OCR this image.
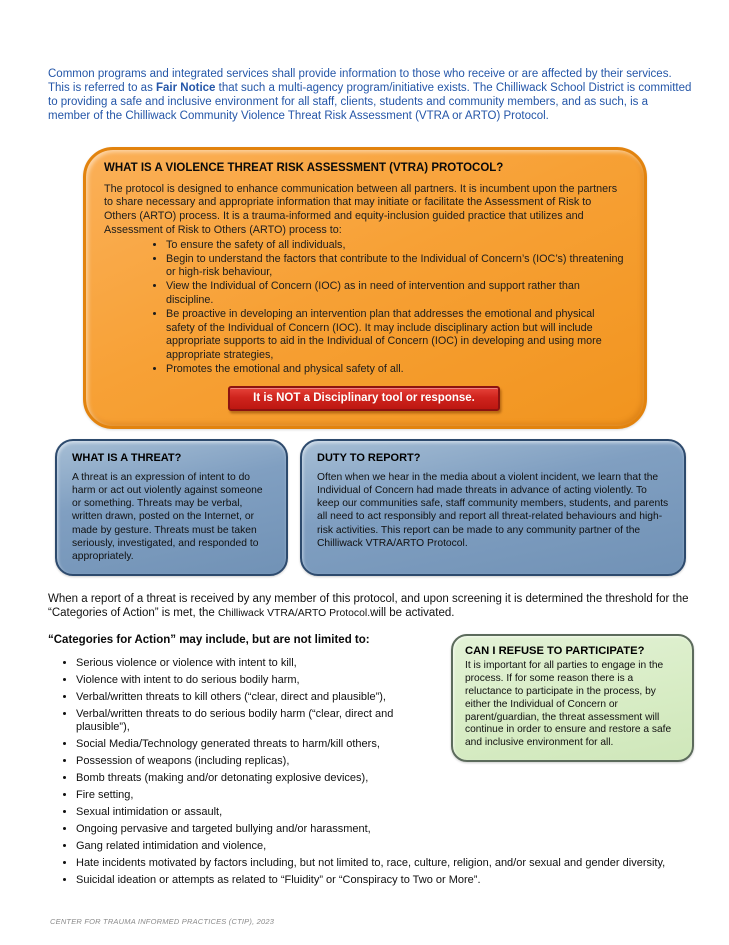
Common programs and integrated services shall provide information to those who receive or are affected by their services. This is referred to as Fair Notice that such a multi-agency program/initiative exists. The Chilliwack School District is committed to providing a safe and inclusive environment for all staff, clients, students and community members, and as such, is a member of the Chilliwack Community Violence Threat Risk Assessment (VTRA or ARTO) Protocol.

WHAT IS A VIOLENCE THREAT RISK ASSESSMENT (VTRA) PROTOCOL?
The protocol is designed to enhance communication between all partners. It is incumbent upon the partners to share necessary and appropriate information that may initiate or facilitate the Assessment of Risk to Others (ARTO) process. It is a trauma-informed and equity-inclusion guided practice that utilizes and Assessment of Risk to Others (ARTO) process to:
• To ensure the safety of all individuals,
• Begin to understand the factors that contribute to the Individual of Concern’s (IOC’s) threatening or high-risk behaviour,
• View the Individual of Concern (IOC) as in need of intervention and support rather than discipline.
• Be proactive in developing an intervention plan that addresses the emotional and physical safety of the Individual of Concern (IOC). It may include disciplinary action but will include appropriate supports to aid in the Individual of Concern (IOC) in developing and using more appropriate strategies,
• Promotes the emotional and physical safety of all.
It is NOT a Disciplinary tool or response.
WHAT IS A THREAT?
A threat is an expression of intent to do harm or act out violently against someone or something. Threats may be verbal, written drawn, posted on the Internet, or made by gesture. Threats must be taken seriously, investigated, and responded to appropriately.
DUTY TO REPORT?
Often when we hear in the media about a violent incident, we learn that the Individual of Concern had made threats in advance of acting violently. To keep our communities safe, staff community members, students, and parents all need to act responsibly and report all threat-related behaviours and high-risk activities. This report can be made to any community partner of the Chilliwack VTRA/ARTO Protocol.

When a report of a threat is received by any member of this protocol, and upon screening it is determined the threshold for the “Categories of Action” is met, the Chilliwack VTRA/ARTO Protocol.will be activated.

CAN I REFUSE TO PARTICIPATE?
It is important for all parties to engage in the process. If for some reason there is a reluctance to participate in the process, by either the Individual of Concern or parent/guardian, the threat assessment will continue in order to ensure and restore a safe and inclusive environment for all.
“Categories for Action” may include, but are not limited to:
• Serious violence or violence with intent to kill,
• Violence with intent to do serious bodily harm,
• Verbal/written threats to kill others (“clear, direct and plausible”),
• Verbal/written threats to do serious bodily harm (“clear, direct and plausible”),
• Social Media/Technology generated threats to harm/kill others,
• Possession of weapons (including replicas),
• Bomb threats (making and/or detonating explosive devices),
• Fire setting,
• Sexual intimidation or assault,
• Ongoing pervasive and targeted bullying and/or harassment,
• Gang related intimidation and violence,
• Hate incidents motivated by factors including, but not limited to, race, culture, religion, and/or sexual and gender diversity,
• Suicidal ideation or attempts as related to “Fluidity” or “Conspiracy to Two or More”.
CENTER FOR TRAUMA INFORMED PRACTICES (CTIP), 2023
